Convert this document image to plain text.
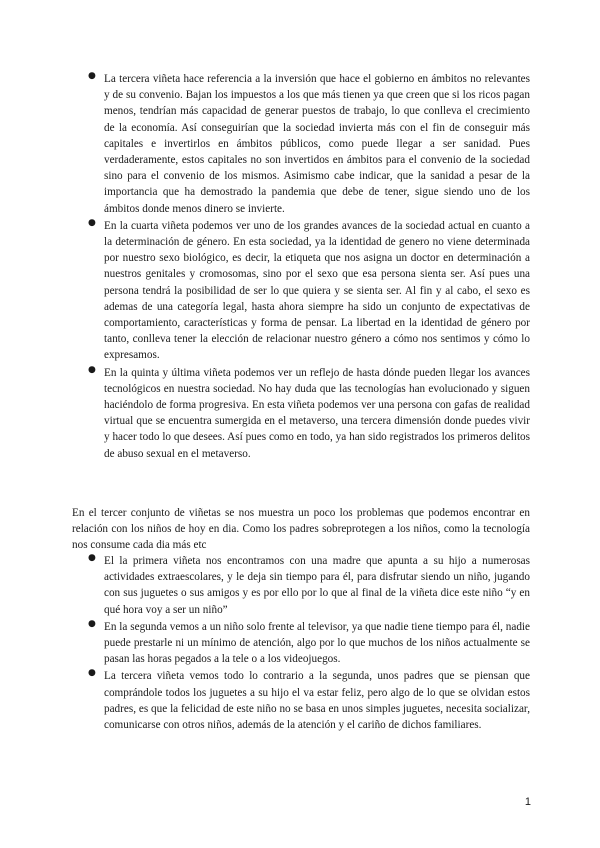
● La tercera viñeta hace referencia a la inversión que hace el gobierno en ámbitos no relevantes y de su convenio. Bajan los impuestos a los que más tienen ya que creen que si los ricos pagan menos, tendrían más capacidad de generar puestos de trabajo, lo que conlleva el crecimiento de la economía. Así conseguirían que la sociedad invierta más con el fin de conseguir más capitales e invertirlos en ámbitos públicos, como puede llegar a ser sanidad. Pues verdaderamente, estos capitales no son invertidos en ámbitos para el convenio de la sociedad sino para el convenio de los mismos. Asimismo cabe indicar, que la sanidad a pesar de la importancia que ha demostrado la pandemia que debe de tener, sigue siendo uno de los ámbitos donde menos dinero se invierte.
● En la cuarta viñeta podemos ver uno de los grandes avances de la sociedad actual en cuanto a la determinación de género. En esta sociedad, ya la identidad de genero no viene determinada por nuestro sexo biológico, es decir, la etiqueta que nos asigna un doctor en determinación a nuestros genitales y cromosomas, sino por el sexo que esa persona sienta ser. Así pues una persona tendrá la posibilidad de ser lo que quiera y se sienta ser. Al fin y al cabo, el sexo es ademas de una categoría legal, hasta ahora siempre ha sido un conjunto de expectativas de comportamiento, características y forma de pensar. La libertad en la identidad de género por tanto, conlleva tener la elección de relacionar nuestro género a cómo nos sentimos y cómo lo expresamos.
● En la quinta y última viñeta podemos ver un reflejo de hasta dónde pueden llegar los avances tecnológicos en nuestra sociedad. No hay duda que las tecnologías han evolucionado y siguen haciéndolo de forma progresiva. En esta viñeta podemos ver una persona con gafas de realidad virtual que se encuentra sumergida en el metaverso, una tercera dimensión donde puedes vivir y hacer todo lo que desees. Así pues como en todo, ya han sido registrados los primeros delitos de abuso sexual en el metaverso.

En el tercer conjunto de viñetas se nos muestra un poco los problemas que podemos encontrar en relación con los niños de hoy en dia. Como los padres sobreprotegen a los niños, como la tecnología nos consume cada dia más etc

● El la primera viñeta nos encontramos con una madre que apunta a su hijo a numerosas actividades extraescolares, y le deja sin tiempo para él, para disfrutar siendo un niño, jugando con sus juguetes o sus amigos y es por ello por lo que al final de la viñeta dice este niño “y en qué hora voy a ser un niño”
● En la segunda vemos a un niño solo frente al televisor, ya que nadie tiene tiempo para él, nadie puede prestarle ni un mínimo de atención, algo por lo que muchos de los niños actualmente se pasan las horas pegados a la tele o a los videojuegos.
● La tercera viñeta vemos todo lo contrario a la segunda, unos padres que se piensan que comprándole todos los juguetes a su hijo el va estar feliz, pero algo de lo que se olvidan estos padres, es que la felicidad de este niño no se basa en unos simples juguetes, necesita socializar, comunicarse con otros niños, además de la atención y el cariño de dichos familiares.
1
